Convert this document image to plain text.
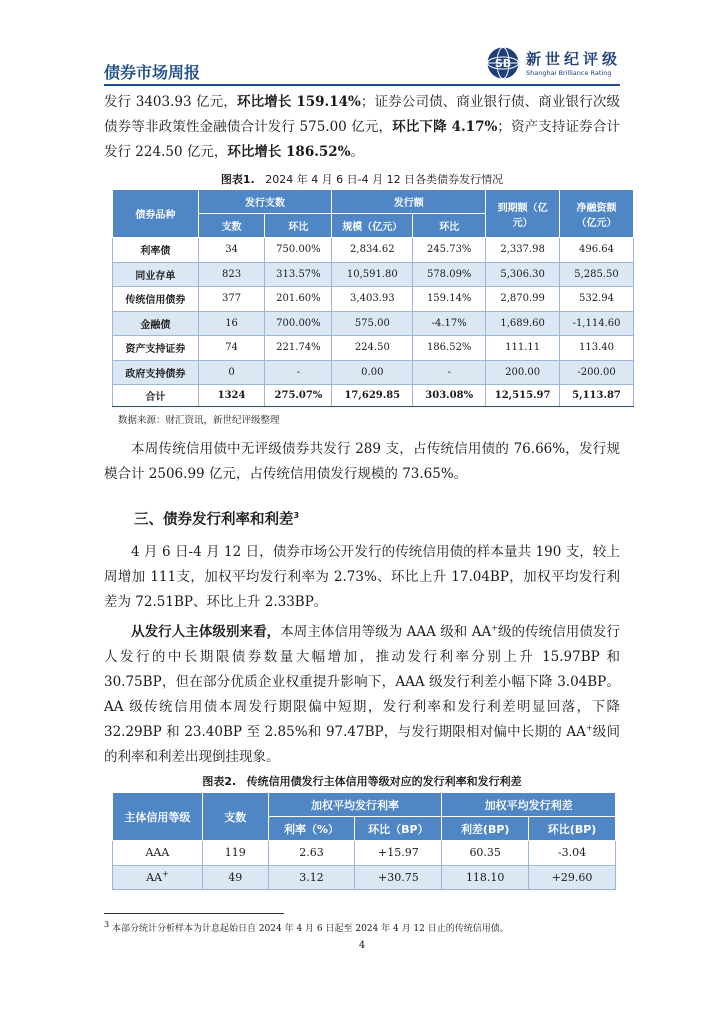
债券市场周报	SB 新世纪评级
Shanghai Brilliance Rating
发行 3403.93 亿元，环比增长 159.14%；证券公司债、商业银行债、商业银行次级债券等非政策性金融债合计发行 575.00 亿元，环比下降 4.17%；资产支持证券合计发行 224.50 亿元，环比增长 186.52%。
图表1. 2024 年 4 月 6 日-4 月 12 日各类债券发行情况
债券品种	发行支数		发行额		到期额（亿元）	净融资额（亿元）
	支数	环比	规模（亿元）	环比		
利率债	34	750.00%	2,834.62	245.73%	2,337.98	496.64
同业存单	823	313.57%	10,591.80	578.09%	5,306.30	5,285.50
传统信用债券	377	201.60%	3,403.93	159.14%	2,870.99	532.94
金融债	16	700.00%	575.00	-4.17%	1,689.60	-1,114.60
资产支持证券	74	221.74%	224.50	186.52%	111.11	113.40
政府支持债券	0	-	0.00	-	200.00	-200.00
合计	1324	275.07%	17,629.85	303.08%	12,515.97	5,113.87
数据来源：财汇资讯，新世纪评级整理
本周传统信用债中无评级债券共发行 289 支，占传统信用债的 76.66%，发行规模合计 2506.99 亿元，占传统信用债发行规模的 73.65%。
三、债券发行利率和利差$^3$
4 月 6 日-4 月 12 日，债券市场公开发行的传统信用债的样本量共 190 支，较上周增加 111支，加权平均发行利率为 2.73%、环比上升 17.04BP，加权平均发行利差为 72.51BP、环比上升 2.33BP。
从发行人主体级别来看，本周主体信用等级为 AAA 级和 AA+级的传统信用债发行人发行的中长期限债券数量大幅增加，推动发行利率分别上升 15.97BP 和 30.75BP，但在部分优质企业权重提升影响下，AAA 级发行利差小幅下降 3.04BP。AA 级传统信用债本周发行期限偏中短期，发行利率和发行利差明显回落，下降 32.29BP 和 23.40BP 至 2.85%和 97.47BP，与发行期限相对偏中长期的 AA+级间的利率和利差出现倒挂现象。
图表2. 传统信用债发行主体信用等级对应的发行利率和发行利差
主体信用等级	支数	加权平均发行利率		加权平均发行利差	
		利率（%）	环比（BP）	利差(BP)	环比(BP)
AAA	119	2.63	+15.97	60.35	-3.04
AA+	49	3.12	+30.75	118.10	+29.60
$^3$ 本部分统计分析样本为计息起始日自 2024 年 4 月 6 日起至 2024 年 4 月 12 日止的传统信用债。
4
